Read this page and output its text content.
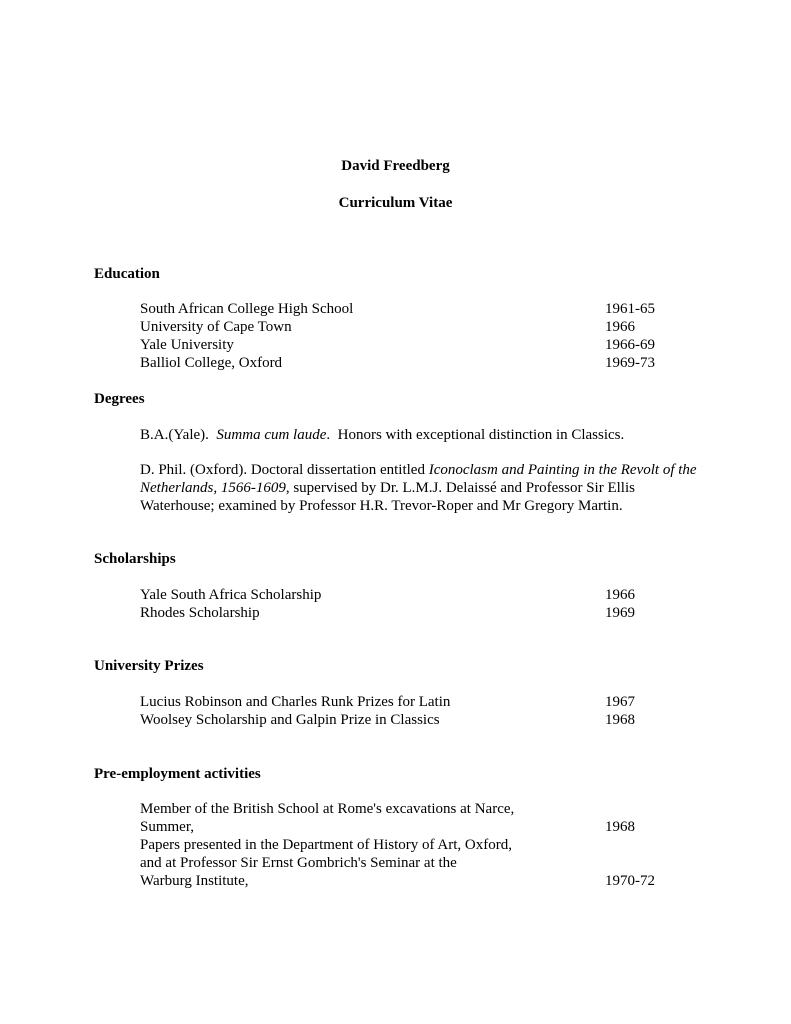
David Freedberg
Curriculum Vitae
Education
South African College High School	1961-65
University of Cape Town	1966
Yale University	1966-69
Balliol College, Oxford	1969-73
Degrees
B.A.(Yale).  Summa cum laude.  Honors with exceptional distinction in Classics.
D. Phil. (Oxford). Doctoral dissertation entitled Iconoclasm and Painting in the Revolt of the Netherlands, 1566-1609, supervised by Dr. L.M.J. Delaissé and Professor Sir Ellis Waterhouse; examined by Professor H.R. Trevor-Roper and Mr Gregory Martin.
Scholarships
Yale South Africa Scholarship	1966
Rhodes Scholarship	1969
University Prizes
Lucius Robinson and Charles Runk Prizes for Latin	1967
Woolsey Scholarship and Galpin Prize in Classics	1968
Pre-employment activities
Member of the British School at Rome's excavations at Narce,
Summer,	1968
Papers presented in the Department of History of Art, Oxford,
and at Professor Sir Ernst Gombrich's Seminar at the
Warburg Institute,	1970-72
